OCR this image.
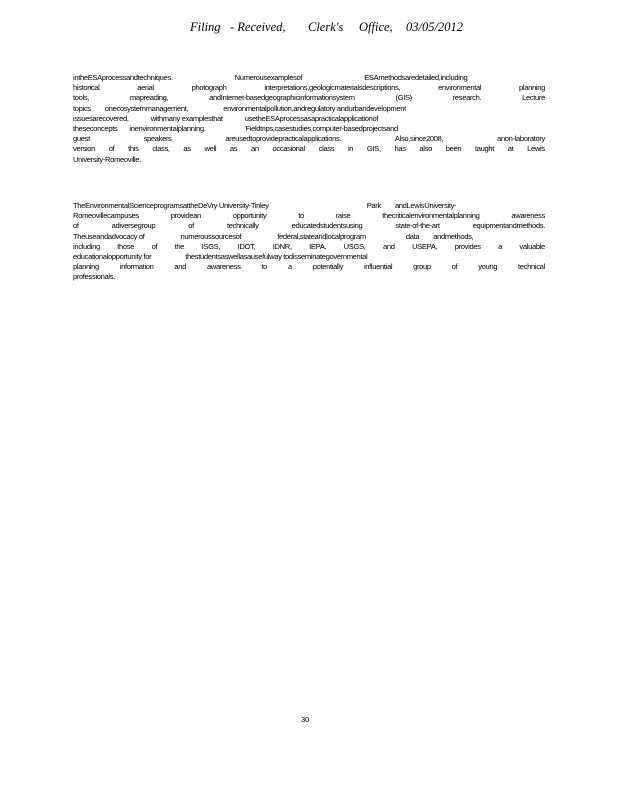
Filing - Received, Clerk's Office, 03/05/2012
intheESAprocessandtechniques.	Numerousexamplesof	ESAmethodsaredetailed,including
historical	aerial	photograph	interpretations,geologicmaterialsdescriptions,	environmental	planning
tools,	mapreading,	andInternet-basedgeographicinformationsystem	(GIS)	research.	Lecture
topics onecosystemmanagement,	environmentalpollution,andregulatory andurbandevelopment
issuesarecovered,	withmany examplesthat	usetheESAprocessasapracticalapplicationof
theseconcepts inenvironmentalplanning.	Fieldtrips,casestudies,computer-basedprojectsand
guest	speakers	areusedtoprovidepracticalapplications.	Also,since2008,	anon-laboratory
version of this class, as well as an occasional class in GIS, has also been taught at Lewis
University-Romeoville.
TheEnvironmentalScienceprogramsattheDeVry University-Tinley	Park andLewisUniversity-
Romeovillecampuses	providean	opportunity	to	raise	thecriticalenvironmentalplanning	awareness
of	adiversegroup	of	technically	educatedstudentsusing	state-of-the-art	equipmentandmethods.
Theuseandadvocacy of	numeroussourcesof	federal,stateandlocalprogram	data andmethods,
including those of the ISGS, IDOT, IDNR, IEPA, USGS, and USEPA, provides a valuable
educationalopportunity for	thestudentsaswellasausefulway todisseminategovernmental
planning	information	and	awareness	to	a	potentially	influential	group	of	young	technical
professionals.
30
